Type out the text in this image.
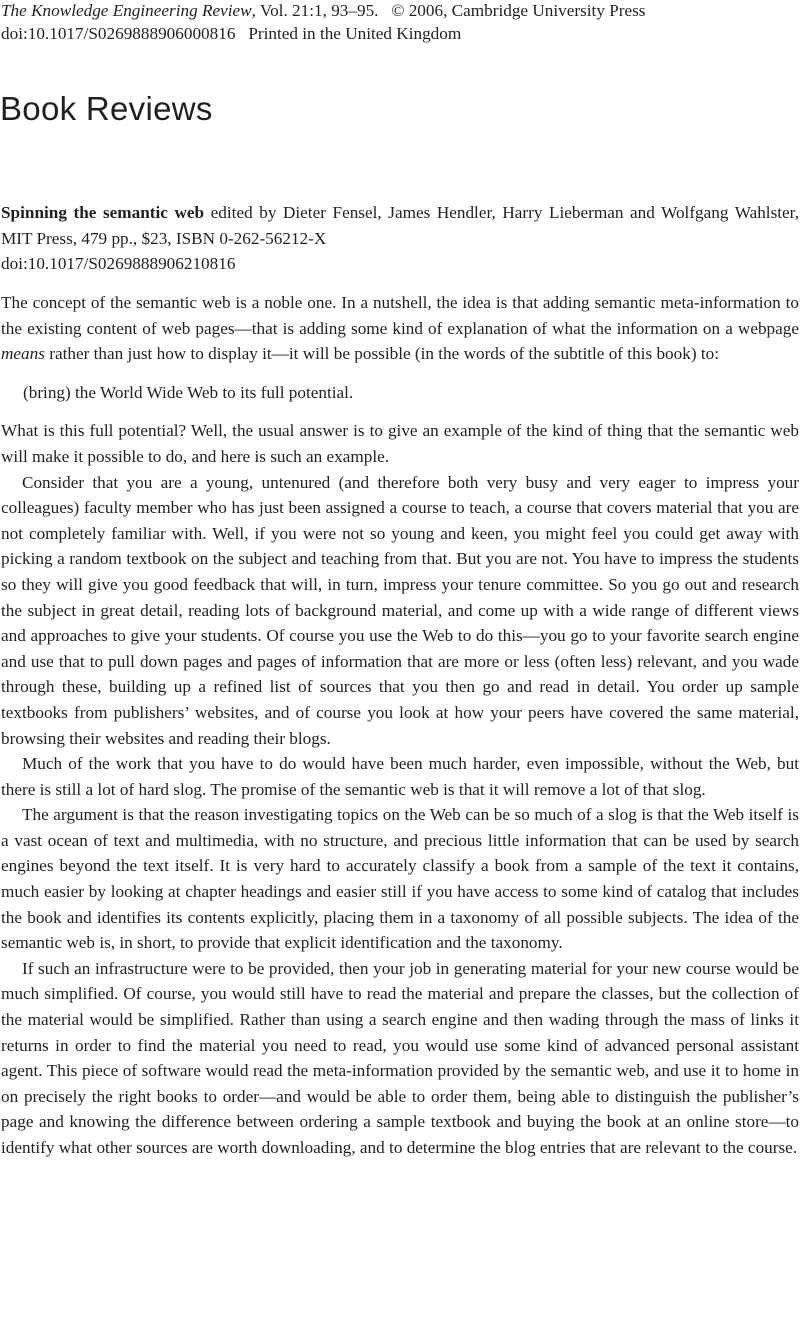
The Knowledge Engineering Review, Vol. 21:1, 93–95. © 2006, Cambridge University Press
doi:10.1017/S0269888906000816 Printed in the United Kingdom
Book Reviews
Spinning the semantic web edited by Dieter Fensel, James Hendler, Harry Lieberman and Wolfgang Wahlster, MIT Press, 479 pp., $23, ISBN 0-262-56212-X
doi:10.1017/S0269888906210816

The concept of the semantic web is a noble one. In a nutshell, the idea is that adding semantic meta-information to the existing content of web pages—that is adding some kind of explanation of what the information on a webpage means rather than just how to display it—it will be possible (in the words of the subtitle of this book) to:

(bring) the World Wide Web to its full potential.

What is this full potential? Well, the usual answer is to give an example of the kind of thing that the semantic web will make it possible to do, and here is such an example.

Consider that you are a young, untenured (and therefore both very busy and very eager to impress your colleagues) faculty member who has just been assigned a course to teach, a course that covers material that you are not completely familiar with. Well, if you were not so young and keen, you might feel you could get away with picking a random textbook on the subject and teaching from that. But you are not. You have to impress the students so they will give you good feedback that will, in turn, impress your tenure committee. So you go out and research the subject in great detail, reading lots of background material, and come up with a wide range of different views and approaches to give your students. Of course you use the Web to do this—you go to your favorite search engine and use that to pull down pages and pages of information that are more or less (often less) relevant, and you wade through these, building up a refined list of sources that you then go and read in detail. You order up sample textbooks from publishers’ websites, and of course you look at how your peers have covered the same material, browsing their websites and reading their blogs.

Much of the work that you have to do would have been much harder, even impossible, without the Web, but there is still a lot of hard slog. The promise of the semantic web is that it will remove a lot of that slog.

The argument is that the reason investigating topics on the Web can be so much of a slog is that the Web itself is a vast ocean of text and multimedia, with no structure, and precious little information that can be used by search engines beyond the text itself. It is very hard to accurately classify a book from a sample of the text it contains, much easier by looking at chapter headings and easier still if you have access to some kind of catalog that includes the book and identifies its contents explicitly, placing them in a taxonomy of all possible subjects. The idea of the semantic web is, in short, to provide that explicit identification and the taxonomy.

If such an infrastructure were to be provided, then your job in generating material for your new course would be much simplified. Of course, you would still have to read the material and prepare the classes, but the collection of the material would be simplified. Rather than using a search engine and then wading through the mass of links it returns in order to find the material you need to read, you would use some kind of advanced personal assistant agent. This piece of software would read the meta-information provided by the semantic web, and use it to home in on precisely the right books to order—and would be able to order them, being able to distinguish the publisher’s page and knowing the difference between ordering a sample textbook and buying the book at an online store—to identify what other sources are worth downloading, and to determine the blog entries that are relevant to the course.
